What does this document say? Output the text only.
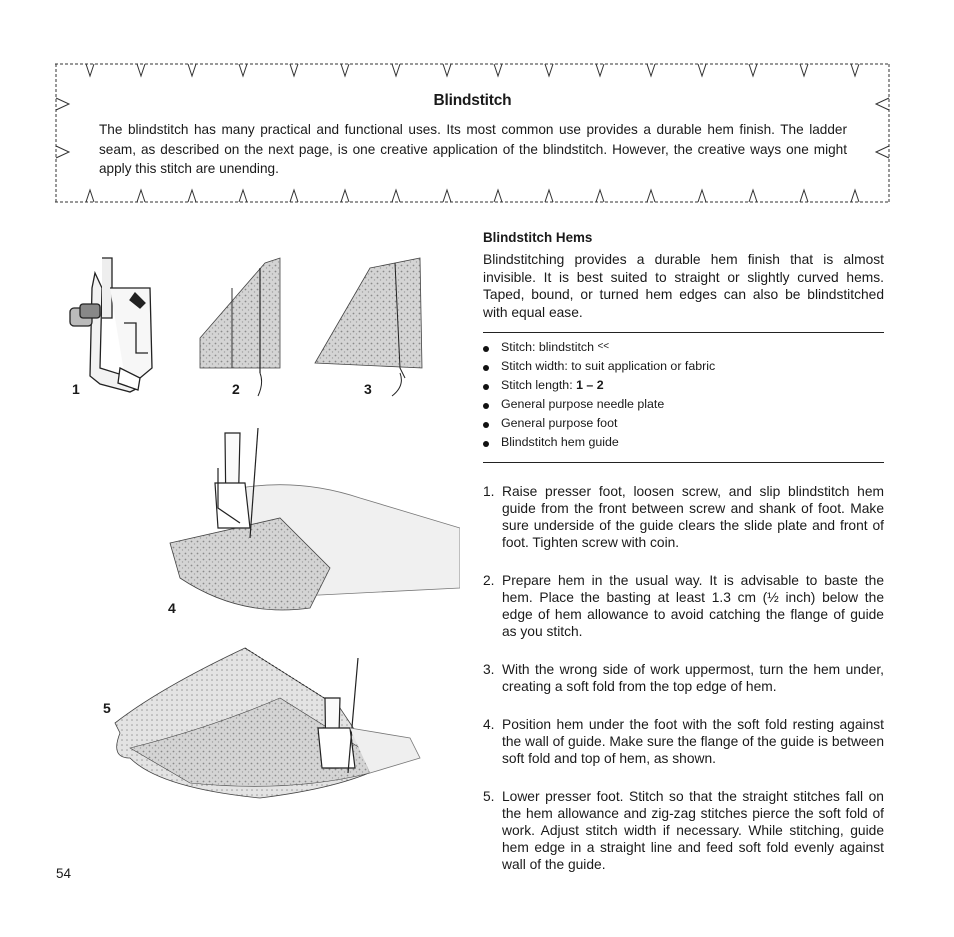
Blindstitch
The blindstitch has many practical and functional uses. Its most common use provides a durable hem finish. The ladder seam, as described on the next page, is one creative application of the blindstitch. However, the creative ways one might apply this stitch are unending.
1	2	3
4
5
Blindstitch Hems

Blindstitching provides a durable hem finish that is almost invisible. It is best suited to straight or slightly curved hems. Taped, bound, or turned hem edges can also be blindstitched with equal ease.

Stitch: blindstitch <<
Stitch width: to suit application or fabric
Stitch length: 1 – 2
General purpose needle plate
General purpose foot
Blindstitch hem guide
1. Raise presser foot, loosen screw, and slip blindstitch hem guide from the front between screw and shank of foot. Make sure underside of the guide clears the slide plate and front of foot. Tighten screw with coin.
2. Prepare hem in the usual way. It is advisable to baste the hem. Place the basting at least 1.3 cm (½ inch) below the edge of hem allowance to avoid catching the flange of guide as you stitch.
3. With the wrong side of work uppermost, turn the hem under, creating a soft fold from the top edge of hem.
4. Position hem under the foot with the soft fold resting against the wall of guide. Make sure the flange of the guide is between soft fold and top of hem, as shown.
5. Lower presser foot. Stitch so that the straight stitches fall on the hem allowance and zig-zag stitches pierce the soft fold of work. Adjust stitch width if necessary. While stitching, guide hem edge in a straight line and feed soft fold evenly against wall of the guide.
54
